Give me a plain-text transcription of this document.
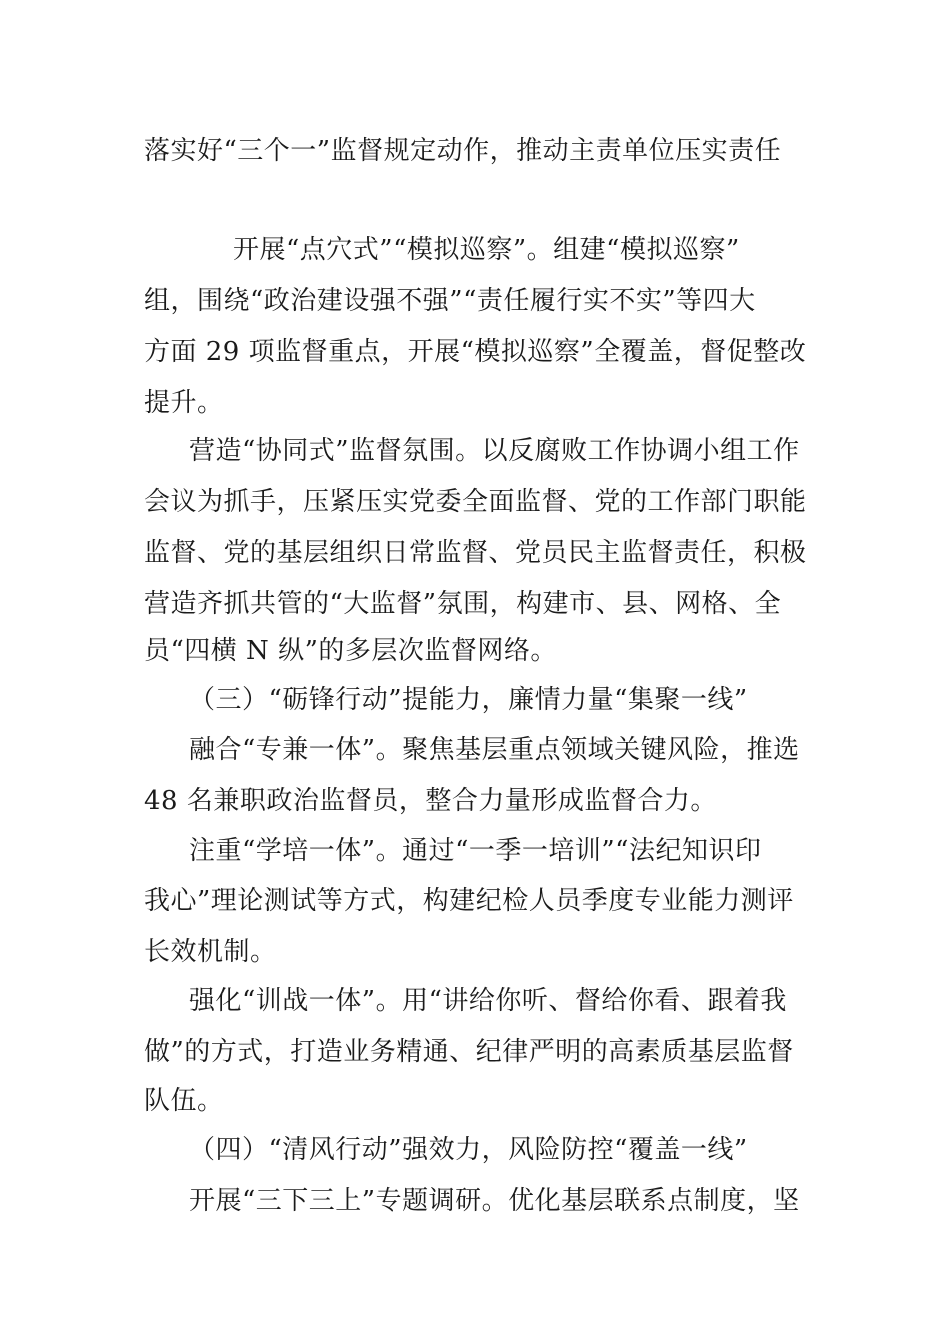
落实好“三个一”监督规定动作，推动主责单位压实责任
开展“点穴式”“模拟巡察”。组建“模拟巡察”
组，围绕“政治建设强不强”“责任履行实不实”等四大
方面 29 项监督重点，开展“模拟巡察”全覆盖，督促整改
提升。
营造“协同式”监督氛围。以反腐败工作协调小组工作
会议为抓手，压紧压实党委全面监督、党的工作部门职能
监督、党的基层组织日常监督、党员民主监督责任，积极
营造齐抓共管的“大监督”氛围，构建市、县、网格、全
员“四横 N 纵”的多层次监督网络。
（三）“砺锋行动”提能力，廉情力量“集聚一线”
融合“专兼一体”。聚焦基层重点领域关键风险，推选
48 名兼职政治监督员，整合力量形成监督合力。
注重“学培一体”。通过“一季一培训”“法纪知识印
我心”理论测试等方式，构建纪检人员季度专业能力测评
长效机制。
强化“训战一体”。用“讲给你听、督给你看、跟着我
做”的方式，打造业务精通、纪律严明的高素质基层监督
队伍。
（四）“清风行动”强效力，风险防控“覆盖一线”
开展“三下三上”专题调研。优化基层联系点制度，坚
